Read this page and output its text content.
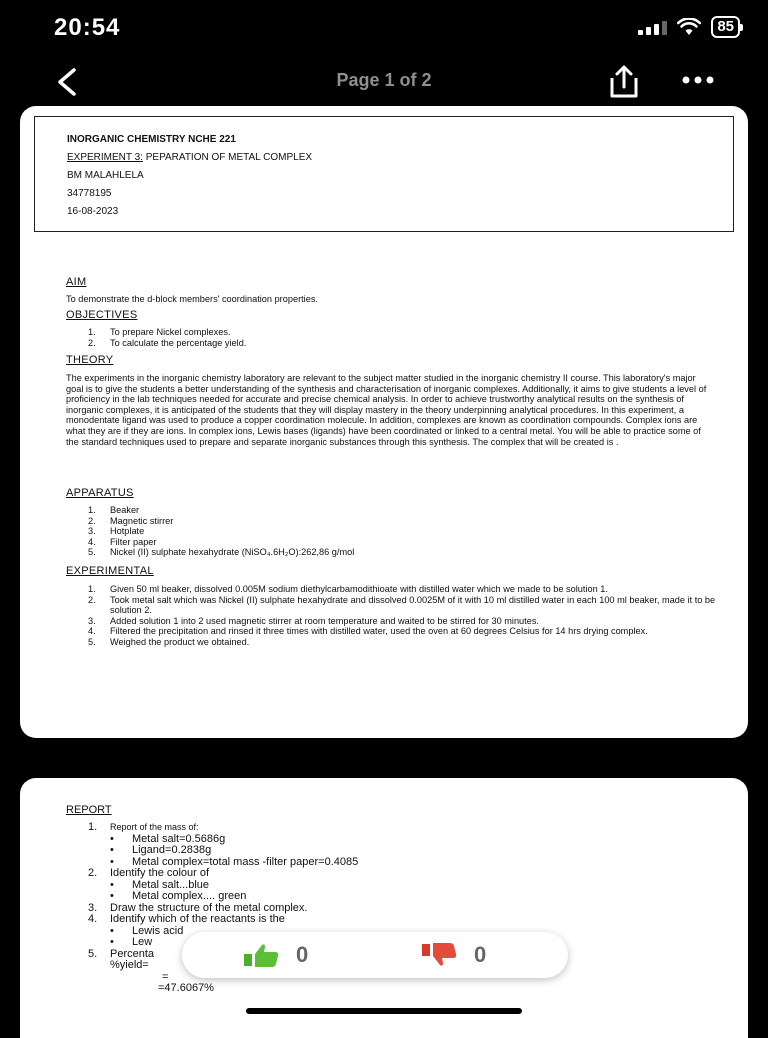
20:54	85
Page 1 of 2
INORGANIC CHEMISTRY NCHE 221
EXPERIMENT 3: PEPARATION OF METAL COMPLEX
BM MALAHLELA
34778195
16-08-2023
AIM
To demonstrate the d-block members' coordination properties.
OBJECTIVES
1. To prepare Nickel complexes.
2. To calculate the percentage yield.
THEORY
The experiments in the inorganic chemistry laboratory are relevant to the subject matter studied in the inorganic chemistry II course. This laboratory's major goal is to give the students a better understanding of the synthesis and characterisation of inorganic complexes. Additionally, it aims to give students a level of proficiency in the lab techniques needed for accurate and precise chemical analysis. In order to achieve trustworthy analytical results on the synthesis of inorganic complexes, it is anticipated of the students that they will display mastery in the theory underpinning analytical procedures. In this experiment, a monodentate ligand was used to produce a copper coordination molecule. In addition, complexes are known as coordination compounds. Complex ions are what they are if they are ions. In complex ions, Lewis bases (ligands) have been coordinated or linked to a central metal. You will be able to practice some of the standard techniques used to prepare and separate inorganic substances through this synthesis. The complex that will be created is .
APPARATUS
1. Beaker
2. Magnetic stirrer
3. Hotplate
4. Filter paper
5. Nickel (II) sulphate hexahydrate (NiSO₄.6H₂O):262,86 g/mol
EXPERIMENTAL
1. Given 50 ml beaker, dissolved 0.005M sodium diethylcarbamodithioate with distilled water which we made to be solution 1.
2. Took metal salt which was Nickel (II) sulphate hexahydrate and dissolved 0.0025M of it with 10 ml distilled water in each 100 ml beaker, made it to be solution 2.
3. Added solution 1 into 2 used magnetic stirrer at room temperature and waited to be stirred for 30 minutes.
4. Filtered the precipitation and rinsed it three times with distilled water, used the oven at 60 degrees Celsius for 14 hrs drying complex.
5. Weighed the product we obtained.
REPORT
1. Report of the mass of:
• Metal salt=0.5686g
• Ligand=0.2838g
• Metal complex=total mass -filter paper=0.4085
2. Identify the colour of
• Metal salt...blue
• Metal complex.... green
3. Draw the structure of the metal complex.
4. Identify which of the reactants is the
• Lewis acid
• Lew
5. Percenta
%yield=
=
=47.6067%
0	0
